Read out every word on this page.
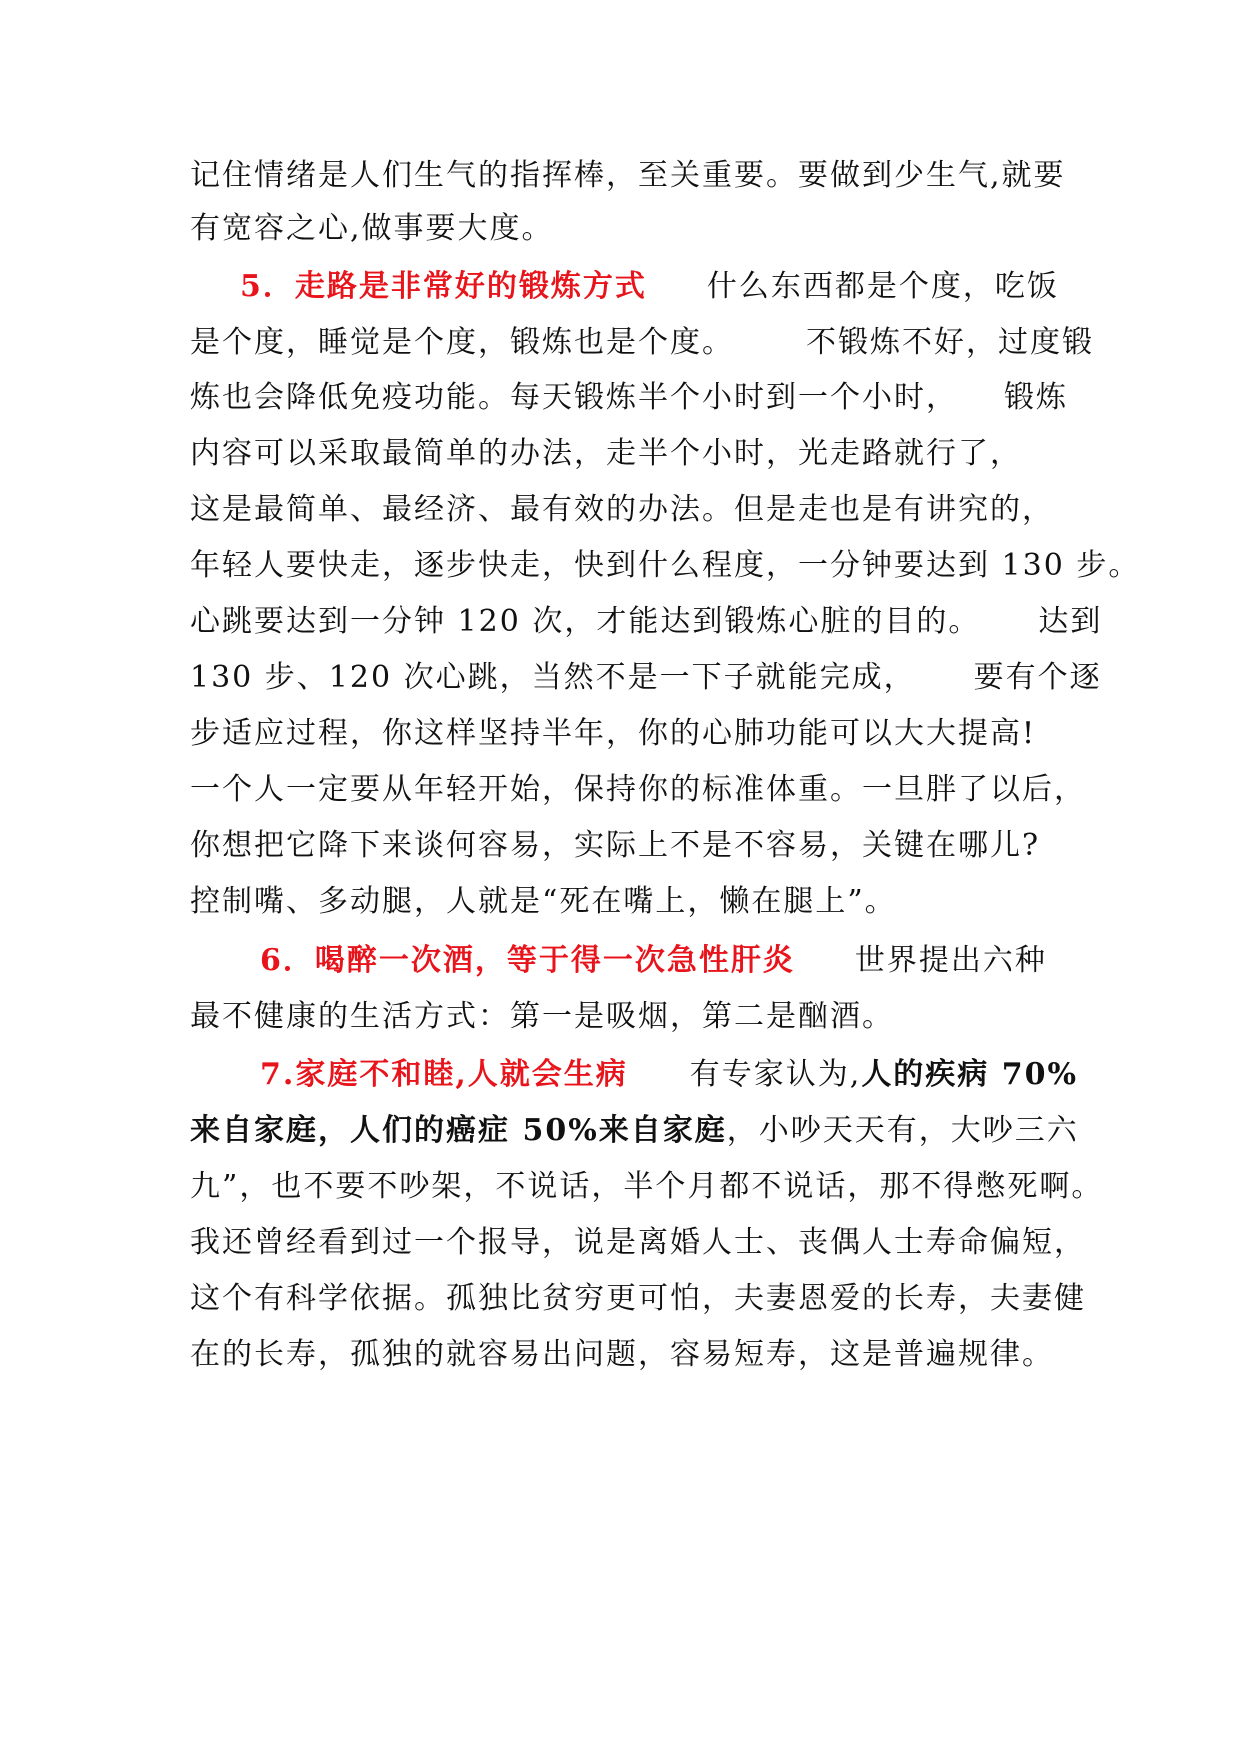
记住情绪是人们生气的指挥棒，至关重要。要做到少生气,就要
有宽容之心,做事要大度。
5．走路是非常好的锻炼方式 什么东西都是个度，吃饭
是个度，睡觉是个度，锻炼也是个度。 不锻炼不好，过度锻
炼也会降低免疫功能。每天锻炼半个小时到一个小时， 锻炼
内容可以采取最简单的办法，走半个小时，光走路就行了，
这是最简单、最经济、最有效的办法。但是走也是有讲究的，
年轻人要快走，逐步快走，快到什么程度，一分钟要达到 130 步。
心跳要达到一分钟 120 次，才能达到锻炼心脏的目的。 达到
130 步、120 次心跳，当然不是一下子就能完成， 要有个逐
步适应过程，你这样坚持半年，你的心肺功能可以大大提高!
一个人一定要从年轻开始，保持你的标准体重。一旦胖了以后，
你想把它降下来谈何容易，实际上不是不容易，关键在哪儿?
控制嘴、多动腿，人就是“死在嘴上，懒在腿上”。
6．喝醉一次酒，等于得一次急性肝炎 世界提出六种
最不健康的生活方式：第一是吸烟，第二是酗酒。
7.家庭不和睦,人就会生病 有专家认为,人的疾病 70%
来自家庭，人们的癌症 50%来自家庭，小吵天天有，大吵三六
九”，也不要不吵架，不说话，半个月都不说话，那不得憋死啊。
我还曾经看到过一个报导，说是离婚人士、丧偶人士寿命偏短，
这个有科学依据。孤独比贫穷更可怕，夫妻恩爱的长寿，夫妻健
在的长寿，孤独的就容易出问题，容易短寿，这是普遍规律。
